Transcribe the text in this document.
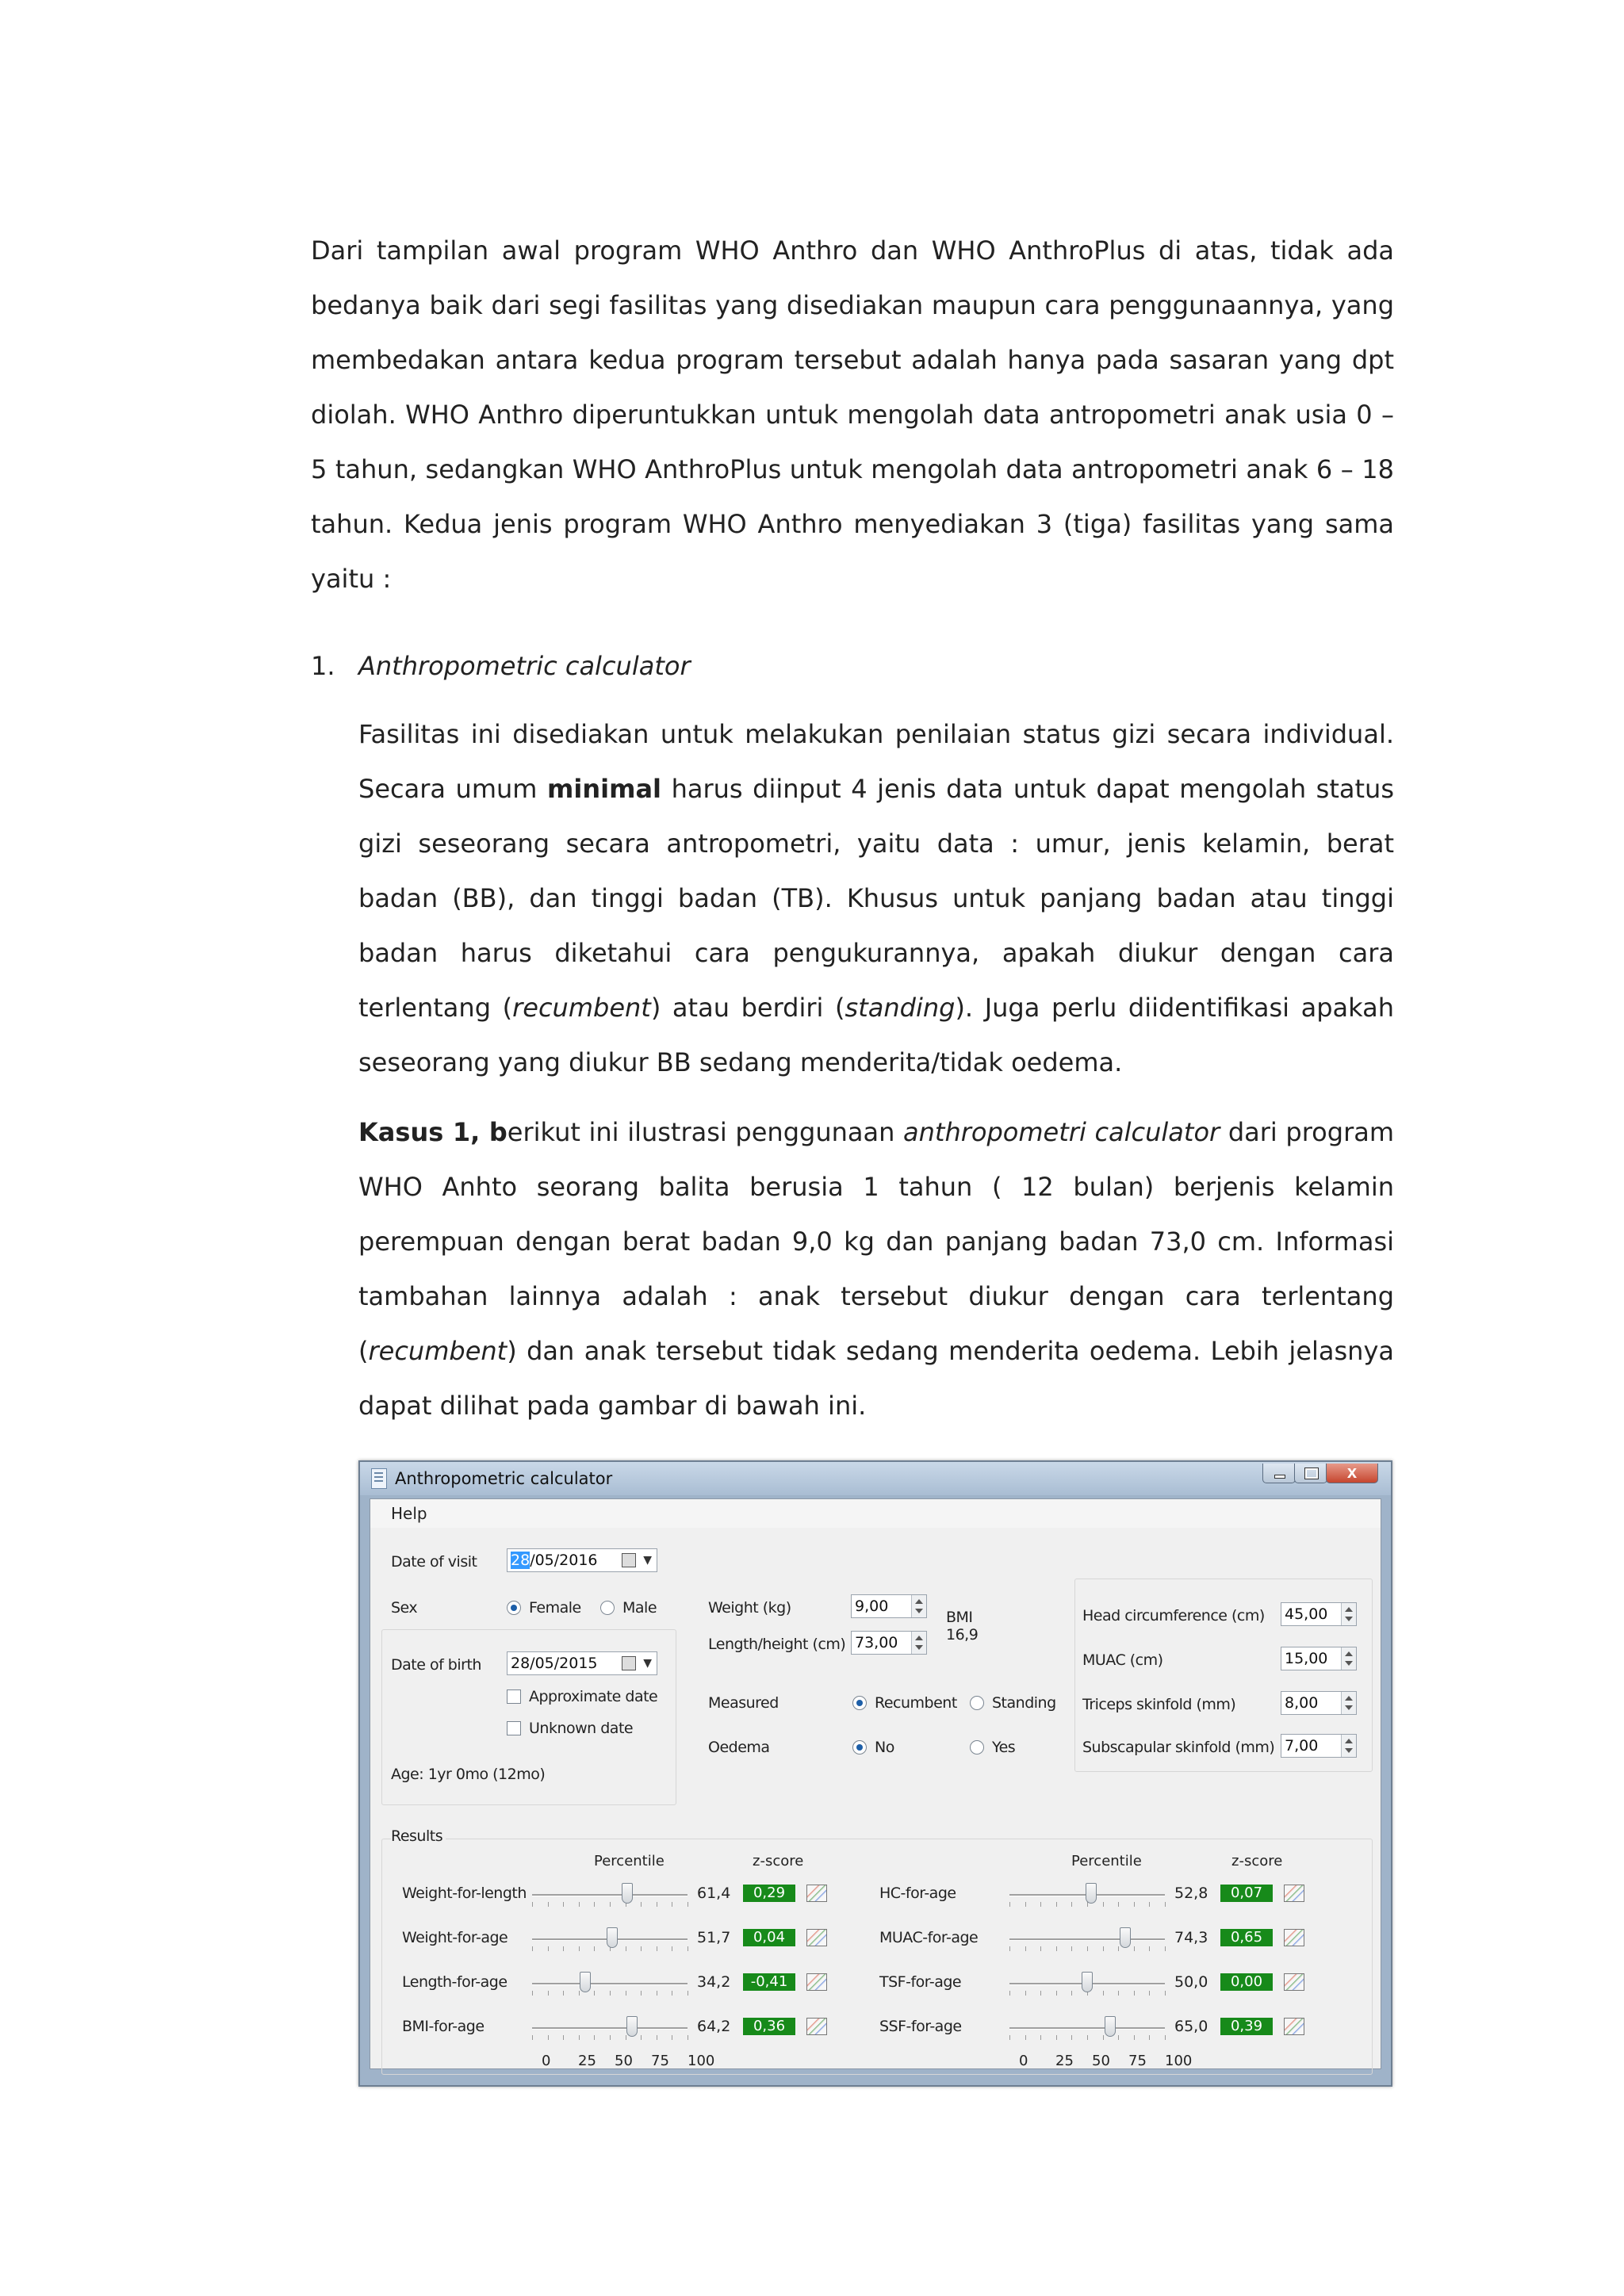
Dari tampilan awal program WHO Anthro dan WHO AnthroPlus di atas, tidak ada bedanya baik dari segi fasilitas yang disediakan maupun cara penggunaannya, yang membedakan antara kedua program tersebut adalah hanya pada sasaran yang dpt diolah. WHO Anthro diperuntukkan untuk mengolah data antropometri anak usia 0 – 5 tahun, sedangkan WHO AnthroPlus untuk mengolah data antropometri anak 6 – 18 tahun. Kedua jenis program WHO Anthro menyediakan 3 (tiga) fasilitas yang sama yaitu :

1. Anthropometric calculator
Fasilitas ini disediakan untuk melakukan penilaian status gizi secara individual. Secara umum minimal harus diinput 4 jenis data untuk dapat mengolah status gizi seseorang secara antropometri, yaitu data : umur, jenis kelamin, berat badan (BB), dan tinggi badan (TB). Khusus untuk panjang badan atau tinggi badan harus diketahui cara pengukurannya, apakah diukur dengan cara terlentang (recumbent) atau berdiri (standing). Juga perlu diidentifikasi apakah seseorang yang diukur BB sedang menderita/tidak oedema.
Kasus 1, berikut ini ilustrasi penggunaan anthropometri calculator dari program WHO Anhto seorang balita berusia 1 tahun ( 12 bulan) berjenis kelamin perempuan dengan berat badan 9,0 kg dan panjang badan 73,0 cm. Informasi tambahan lainnya adalah : anak tersebut diukur dengan cara terlentang (recumbent) dan anak tersebut tidak sedang menderita oedema. Lebih jelasnya dapat dilihat pada gambar di bawah ini.
Anthropometric calculator	x
Help
Date of visit 28/05/2016	▼
Sex	Female	Male
Date of birth 28/05/2015	▼
Approximate date
Unknown date
Age: 1yr 0mo (12mo)
Weight (kg)	9,00
Length/height (cm) 73,00
BMI
16,9
Measured	Recumbent Standing
Oedema	No	Yes
Head circumference (cm) 45,00
MUAC (cm)	15,00
Triceps skinfold (mm)	8,00
Subscapular skinfold (mm) 7,00
Results
Percentile	z-score	Percentile	z-score
Weight-for-length	61,4	0,29
Weight-for-age	51,7	0,04
Length-for-age	34,2	-0,41
BMI-for-age	64,2	0,36
HC-for-age	52,8	0,07
MUAC-for-age	74,3	0,65
TSF-for-age	50,0	0,00
SSF-for-age	65,0	0,39
0 25 50 75 100	0 25 50 75 100
